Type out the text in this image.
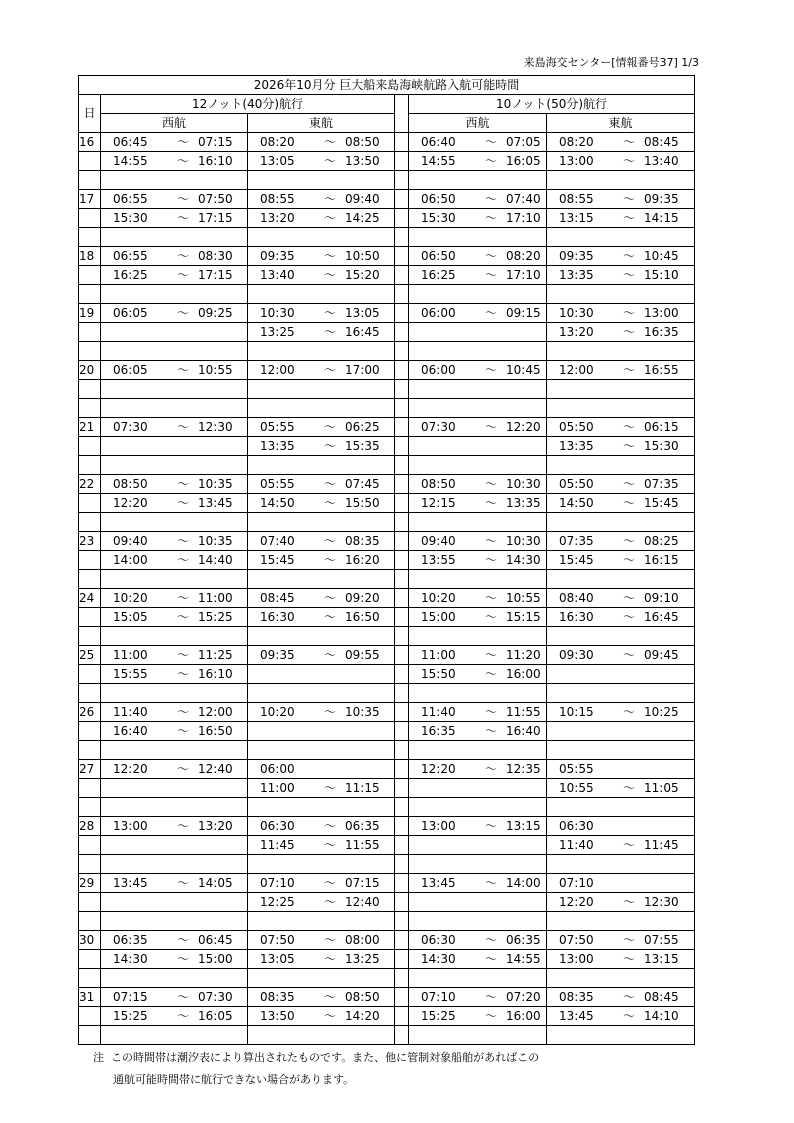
来島海交センター[情報番号37] 1/3
2026年10月分 巨大船来島海峡航路入航可能時間					
日	12ノット(40分)航行			10ノット(50分)航行	
	西航	東航		西航	東航
16	06:45 ～ 07:15	08:20 ～ 08:50		06:40 ～ 07:05	08:20 ～ 08:45
	14:55 ～ 16:10	13:05 ～ 13:50		14:55 ～ 16:05	13:00 ～ 13:40

17	06:55 ～ 07:50	08:55 ～ 09:40		06:50 ～ 07:40	08:55 ～ 09:35
	15:30 ～ 17:15	13:20 ～ 14:25		15:30 ～ 17:10	13:15 ～ 14:15

18	06:55 ～ 08:30	09:35 ～ 10:50		06:50 ～ 08:20	09:35 ～ 10:45
	16:25 ～ 17:15	13:40 ～ 15:20		16:25 ～ 17:10	13:35 ～ 15:10

19	06:05 ～ 09:25	10:30 ～ 13:05		06:00 ～ 09:15	10:30 ～ 13:00
		13:25 ～ 16:45			13:20 ～ 16:35

20	06:05 ～ 10:55	12:00 ～ 17:00		06:00 ～ 10:45	12:00 ～ 16:55

21	07:30 ～ 12:30	05:55 ～ 06:25		07:30 ～ 12:20	05:50 ～ 06:15
		13:35 ～ 15:35			13:35 ～ 15:30

22	08:50 ～ 10:35	05:55 ～ 07:45		08:50 ～ 10:30	05:50 ～ 07:35
	12:20 ～ 13:45	14:50 ～ 15:50		12:15 ～ 13:35	14:50 ～ 15:45

23	09:40 ～ 10:35	07:40 ～ 08:35		09:40 ～ 10:30	07:35 ～ 08:25
	14:00 ～ 14:40	15:45 ～ 16:20		13:55 ～ 14:30	15:45 ～ 16:15

24	10:20 ～ 11:00	08:45 ～ 09:20		10:20 ～ 10:55	08:40 ～ 09:10
	15:05 ～ 15:25	16:30 ～ 16:50		15:00 ～ 15:15	16:30 ～ 16:45

25	11:00 ～ 11:25	09:35 ～ 09:55		11:00 ～ 11:20	09:30 ～ 09:45
	15:55 ～ 16:10			15:50 ～ 16:00	

26	11:40 ～ 12:00	10:20 ～ 10:35		11:40 ～ 11:55	10:15 ～ 10:25
	16:40 ～ 16:50			16:35 ～ 16:40	

27	12:20 ～ 12:40	06:00		12:20 ～ 12:35	05:55
		11:00 ～ 11:15			10:55 ～ 11:05

28	13:00 ～ 13:20	06:30 ～ 06:35		13:00 ～ 13:15	06:30
		11:45 ～ 11:55			11:40 ～ 11:45

29	13:45 ～ 14:05	07:10 ～ 07:15		13:45 ～ 14:00	07:10
		12:25 ～ 12:40			12:20 ～ 12:30

30	06:35 ～ 06:45	07:50 ～ 08:00		06:30 ～ 06:35	07:50 ～ 07:55
	14:30 ～ 15:00	13:05 ～ 13:25		14:30 ～ 14:55	13:00 ～ 13:15

31	07:15 ～ 07:30	08:35 ～ 08:50		07:10 ～ 07:20	08:35 ～ 08:45
	15:25 ～ 16:05	13:50 ～ 14:20		15:25 ～ 16:00	13:45 ～ 14:10

注 この時間帯は潮汐表により算出されたものです。また、他に管制対象船舶があればこの
通航可能時間帯に航行できない場合があります。
